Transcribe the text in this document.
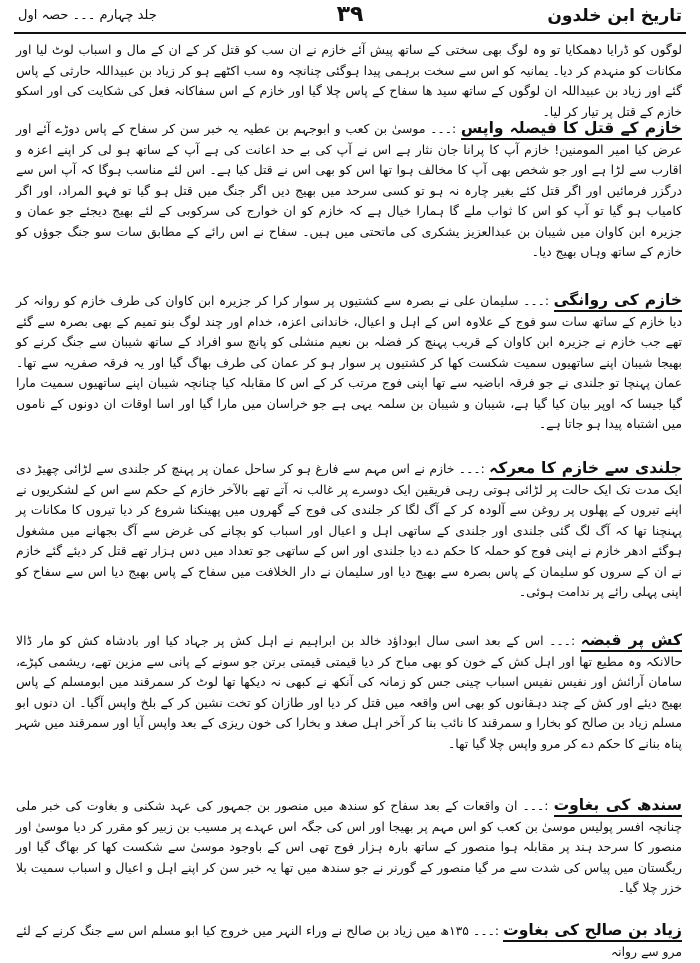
تاریخ ابن خلدون
۳۹
جلد چہارم ۔۔۔ حصہ اول
لوگوں کو ڈرایا دھمکایا تو وہ لوگ بھی سختی کے ساتھ پیش آئے خازم نے ان سب کو قتل کر کے ان کے مال و اسباب لوٹ لیا اور مکانات کو منہدم کر دیا۔ یمانیہ کو اس سے سخت برہمی پیدا ہوگئی چنانچہ وہ سب اکٹھے ہو کر زیاد بن عبیداللہ حارثی کے پاس گئے اور زیاد بن عبیداللہ ان لوگوں کے ساتھ سید ھا سفاح کے پاس چلا گیا اور خازم کے اس سفاکانہ فعل کی شکایت کی اور اسکو خازم کے قتل پر تیار کر لیا۔
خازم کے قتل کا فیصلہ واپس :۔۔۔ موسیٰ بن کعب و ابوجہم بن عطیہ یہ خبر سن کر سفاح کے پاس دوڑے آئے اور عرض کیا امیر المومنین! خازم آپ کا پرانا جان نثار ہے اس نے آپ کی بے حد اعانت کی ہے آپ کے ساتھ ہو لی کر اپنے اعزہ و اقارب سے لڑا ہے اور جو شخص بھی آپ کا مخالف ہوا تھا اس کو بھی اس نے قتل کیا ہے۔ اس لئے مناسب ہوگا کہ آپ اس سے درگزر فرمائیں اور اگر قتل کئے بغیر چارہ نہ ہو تو کسی سرحد میں بھیج دیں اگر جنگ میں قتل ہو گیا تو فہو المراد، اور اگر کامیاب ہو گیا تو آپ کو اس کا ثواب ملے گا ہمارا خیال ہے کہ خازم کو ان خوارج کی سرکوبی کے لئے بھیج دیجئے جو عمان و جزیرہ ابن کاوان میں شیبان بن عبدالعزیز یشکری کی ماتحتی میں ہیں۔ سفاح نے اس رائے کے مطابق سات سو جنگ جوؤں کو خازم کے ساتھ وہاں بھیج دیا۔
خازم کی روانگی :۔۔۔ سلیمان علی نے بصرہ سے کشتیوں پر سوار کرا کر جزیرہ ابن کاوان کی طرف خازم کو روانہ کر دیا خازم کے ساتھ سات سو فوج کے علاوہ اس کے اہل و اعیال، خاندانی اعزہ، خدام اور چند لوگ بنو تمیم کے بھی بصرہ سے گئے تھے جب خازم نے جزیرہ ابن کاوان کے قریب پہنچ کر فضلہ بن نعیم منشلی کو پانچ سو افراد کے ساتھ شیبان سے جنگ کرنے کو بھیجا شیبان اپنے ساتھیوں سمیت شکست کھا کر کشتیوں پر سوار ہو کر عمان کی طرف بھاگ گیا اور یہ فرقہ صفریہ سے تھا۔ عمان پہنچا تو جلندی نے جو فرقہ اباضیہ سے تھا اپنی فوج مرتب کر کے اس کا مقابلہ کیا چنانچہ شیبان اپنے ساتھیوں سمیت مارا گیا جیسا کہ اوپر بیان کیا گیا ہے، شیبان و شیبان بن سلمہ یہی ہے جو خراسان میں مارا گیا اور اسا اوقات ان دونوں کے ناموں میں اشتباہ پیدا ہو جاتا ہے۔
جلندی سے خازم کا معرکہ :۔۔۔ خازم نے اس مہم سے فارغ ہو کر ساحل عمان پر پہنچ کر جلندی سے لڑائی چھیڑ دی ایک مدت تک ایک حالت پر لڑائی ہوتی رہی فریقین ایک دوسرے پر غالب نہ آتے تھے بالآخر خازم کے حکم سے اس کے لشکریوں نے اپنے تیروں کے پھلوں پر روغن سے آلودہ کر کے آگ لگا کر جلندی کی فوج کے گھروں میں پھینکنا شروع کر دیا تیروں کا مکانات پر پہنچنا تھا کہ آگ لگ گئی جلندی اور جلندی کے ساتھی اہل و اعیال اور اسباب کو بچانے کی غرض سے آگ بجھانے میں مشغول ہوگئے ادھر خازم نے اپنی فوج کو حملہ کا حکم دے دیا جلندی اور اس کے ساتھی جو تعداد میں دس ہزار تھے قتل کر دیئے گئے خازم نے ان کے سروں کو سلیمان کے پاس بصرہ سے بھیج دیا اور سلیمان نے دار الخلافت میں سفاح کے پاس بھیج دیا اس سے سفاح کو اپنی پہلی رائے پر ندامت ہوئی۔
کش پر قبضہ :۔۔۔ اس کے بعد اسی سال ابوداؤد خالد بن ابراہیم نے اہل کش پر جہاد کیا اور بادشاہ کش کو مار ڈالا حالانکہ وہ مطیع تھا اور اہل کش کے خون کو بھی مباح کر دیا قیمتی قیمتی برتن جو سونے کے پانی سے مزین تھے، ریشمی کپڑے، سامان آرائش اور نفیس نفیس اسباب چینی جس کو زمانہ کی آنکھ نے کبھی نہ دیکھا تھا لوٹ کر سمرقند میں ابومسلم کے پاس بھیج دیئے اور کش کے چند دہقانوں کو بھی اس واقعہ میں قتل کر دیا اور طازان کو تخت نشین کر کے بلخ واپس آگیا۔ ان دنوں ابو مسلم زیاد بن صالح کو بخارا و سمرقند کا نائب بنا کر آخر اہل صغد و بخارا کی خون ریزی کے بعد واپس آیا اور سمرقند میں شہر پناہ بنانے کا حکم دے کر مرو واپس چلا گیا تھا۔
سندھ کی بغاوت :۔۔۔ ان واقعات کے بعد سفاح کو سندھ میں منصور بن جمہور کی عہد شکنی و بغاوت کی خبر ملی چنانچہ افسر پولیس موسیٰ بن کعب کو اس مہم پر بھیجا اور اس کی جگہ اس عہدے پر مسیب بن زبیر کو مقرر کر دیا موسیٰ اور منصور کا سرحد ہند پر مقابلہ ہوا منصور کے ساتھ بارہ ہزار فوج تھی اس کے باوجود موسیٰ سے شکست کھا کر بھاگ گیا اور ریگستان میں پیاس کی شدت سے مر گیا منصور کے گورنر نے جو سندھ میں تھا یہ خبر سن کر اپنے اہل و اعیال و اسباب سمیت بلا خزر چلا گیا۔
زیاد بن صالح کی بغاوت :۔۔۔ ۱۳۵ھ میں زیاد بن صالح نے وراء النہر میں خروج کیا ابو مسلم اس سے جنگ کرنے کے لئے مرو سے روانہ
